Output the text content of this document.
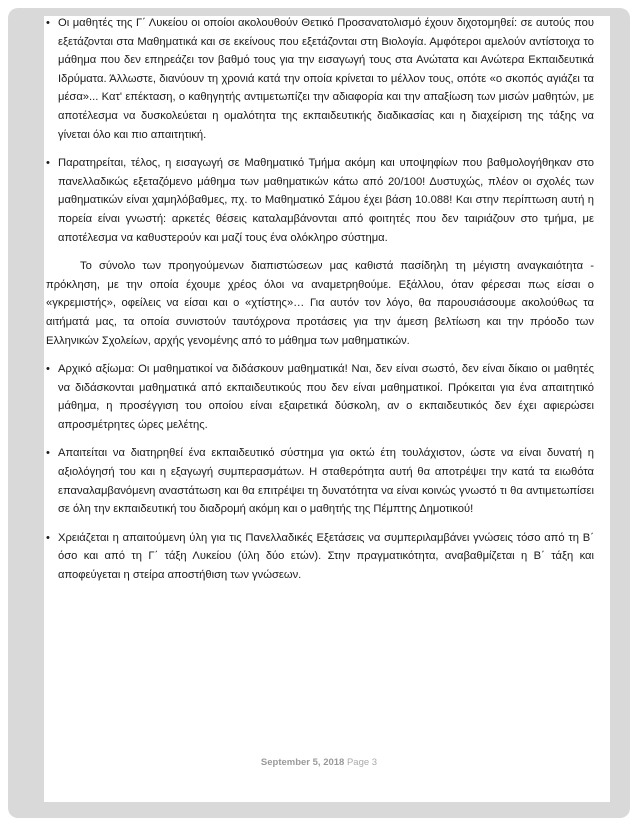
• Οι μαθητές της Γ΄ Λυκείου οι οποίοι ακολουθούν Θετικό Προσανατολισμό έχουν διχοτομηθεί: σε αυτούς που εξετάζονται στα Μαθηματικά και σε εκείνους που εξετάζονται στη Βιολογία. Αμφότεροι αμελούν αντίστοιχα το μάθημα που δεν επηρεάζει τον βαθμό τους για την εισαγωγή τους στα Ανώτατα και Ανώτερα Εκπαιδευτικά Ιδρύματα. Άλλωστε, διανύουν τη χρονιά κατά την οποία κρίνεται το μέλλον τους, οπότε «ο σκοπός αγιάζει τα μέσα»... Κατ' επέκταση, ο καθηγητής αντιμετωπίζει την αδιαφορία και την απαξίωση των μισών μαθητών, με αποτέλεσμα να δυσκολεύεται η ομαλότητα της εκπαιδευτικής διαδικασίας και η διαχείριση της τάξης να γίνεται όλο και πιο απαιτητική.
• Παρατηρείται, τέλος, η εισαγωγή σε Μαθηματικό Τμήμα ακόμη και υποψηφίων που βαθμολογήθηκαν στο πανελλαδικώς εξεταζόμενο μάθημα των μαθηματικών κάτω από 20/100! Δυστυχώς, πλέον οι σχολές των μαθηματικών είναι χαμηλόβαθμες, πχ. το Μαθηματικό Σάμου έχει βάση 10.088! Και στην περίπτωση αυτή η πορεία είναι γνωστή: αρκετές θέσεις καταλαμβάνονται από φοιτητές που δεν ταιριάζουν στο τμήμα, με αποτέλεσμα να καθυστερούν και μαζί τους ένα ολόκληρο σύστημα.
Το σύνολο των προηγούμενων διαπιστώσεων μας καθιστά πασίδηλη τη μέγιστη αναγκαιότητα - πρόκληση, με την οποία έχουμε χρέος όλοι να αναμετρηθούμε. Εξάλλου, όταν φέρεσαι πως είσαι ο «γκρεμιστής», οφείλεις να είσαι και ο «χτίστης»… Για αυτόν τον λόγο, θα παρουσιάσουμε ακολούθως τα αιτήματά μας, τα οποία συνιστούν ταυτόχρονα προτάσεις για την άμεση βελτίωση και την πρόοδο των Ελληνικών Σχολείων, αρχής γενομένης από το μάθημα των μαθηματικών.
• Αρχικό αξίωμα: Οι μαθηματικοί να διδάσκουν μαθηματικά! Ναι, δεν είναι σωστό, δεν είναι δίκαιο οι μαθητές να διδάσκονται μαθηματικά από εκπαιδευτικούς που δεν είναι μαθηματικοί. Πρόκειται για ένα απαιτητικό μάθημα, η προσέγγιση του οποίου είναι εξαιρετικά δύσκολη, αν ο εκπαιδευτικός δεν έχει αφιερώσει απροσμέτρητες ώρες μελέτης.
• Απαιτείται να διατηρηθεί ένα εκπαιδευτικό σύστημα για οκτώ έτη τουλάχιστον, ώστε να είναι δυνατή η αξιολόγησή του και η εξαγωγή συμπερασμάτων. Η σταθερότητα αυτή θα αποτρέψει την κατά τα ειωθότα επαναλαμβανόμενη αναστάτωση και θα επιτρέψει τη δυνατότητα να είναι κοινώς γνωστό τι θα αντιμετωπίσει σε όλη την εκπαιδευτική του διαδρομή ακόμη και ο μαθητής της Πέμπτης Δημοτικού!
• Χρειάζεται η απαιτούμενη ύλη για τις Πανελλαδικές Εξετάσεις να συμπεριλαμβάνει γνώσεις τόσο από τη Β΄ όσο και από τη Γ΄ τάξη Λυκείου (ύλη δύο ετών). Στην πραγματικότητα, αναβαθμίζεται η Β΄ τάξη και αποφεύγεται η στείρα αποστήθιση των γνώσεων.
September 5, 2018 Page 3
